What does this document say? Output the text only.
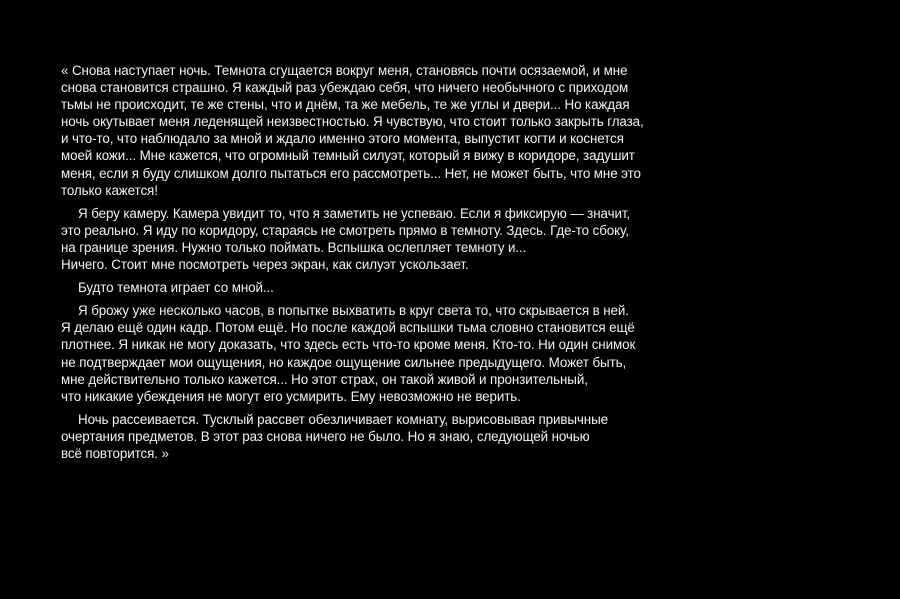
« Снова наступает ночь. Темнота сгущается вокруг меня, становясь почти осязаемой, и мне
снова становится страшно. Я каждый раз убеждаю себя, что ничего необычного с приходом
тьмы не происходит, те же стены, что и днём, та же мебель, те же углы и двери... Но каждая
ночь окутывает меня леденящей неизвестностью. Я чувствую, что стоит только закрыть глаза,
и что-то, что наблюдало за мной и ждало именно этого момента, выпустит когти и коснется
моей кожи... Мне кажется, что огромный темный силуэт, который я вижу в коридоре, задушит
меня, если я буду слишком долго пытаться его рассмотреть... Нет, не может быть, что мне это
только кажется!

Я беру камеру. Камера увидит то, что я заметить не успеваю. Если я фиксирую — значит,
это реально. Я иду по коридору, стараясь не смотреть прямо в темноту. Здесь. Где-то сбоку,
на границе зрения. Нужно только поймать. Вспышка ослепляет темноту и...
Ничего. Стоит мне посмотреть через экран, как силуэт ускользает.

Будто темнота играет со мной...

Я брожу уже несколько часов, в попытке выхватить в круг света то, что скрывается в ней.
Я делаю ещё один кадр. Потом ещё. Но после каждой вспышки тьма словно становится ещё
плотнее. Я никак не могу доказать, что здесь есть что-то кроме меня. Кто-то. Ни один снимок
не подтверждает мои ощущения, но каждое ощущение сильнее предыдущего. Может быть,
мне действительно только кажется... Но этот страх, он такой живой и пронзительный,
что никакие убеждения не могут его усмирить. Ему невозможно не верить.

Ночь рассеивается. Тусклый рассвет обезличивает комнату, вырисовывая привычные
очертания предметов. В этот раз снова ничего не было. Но я знаю, следующей ночью
всё повторится. »
